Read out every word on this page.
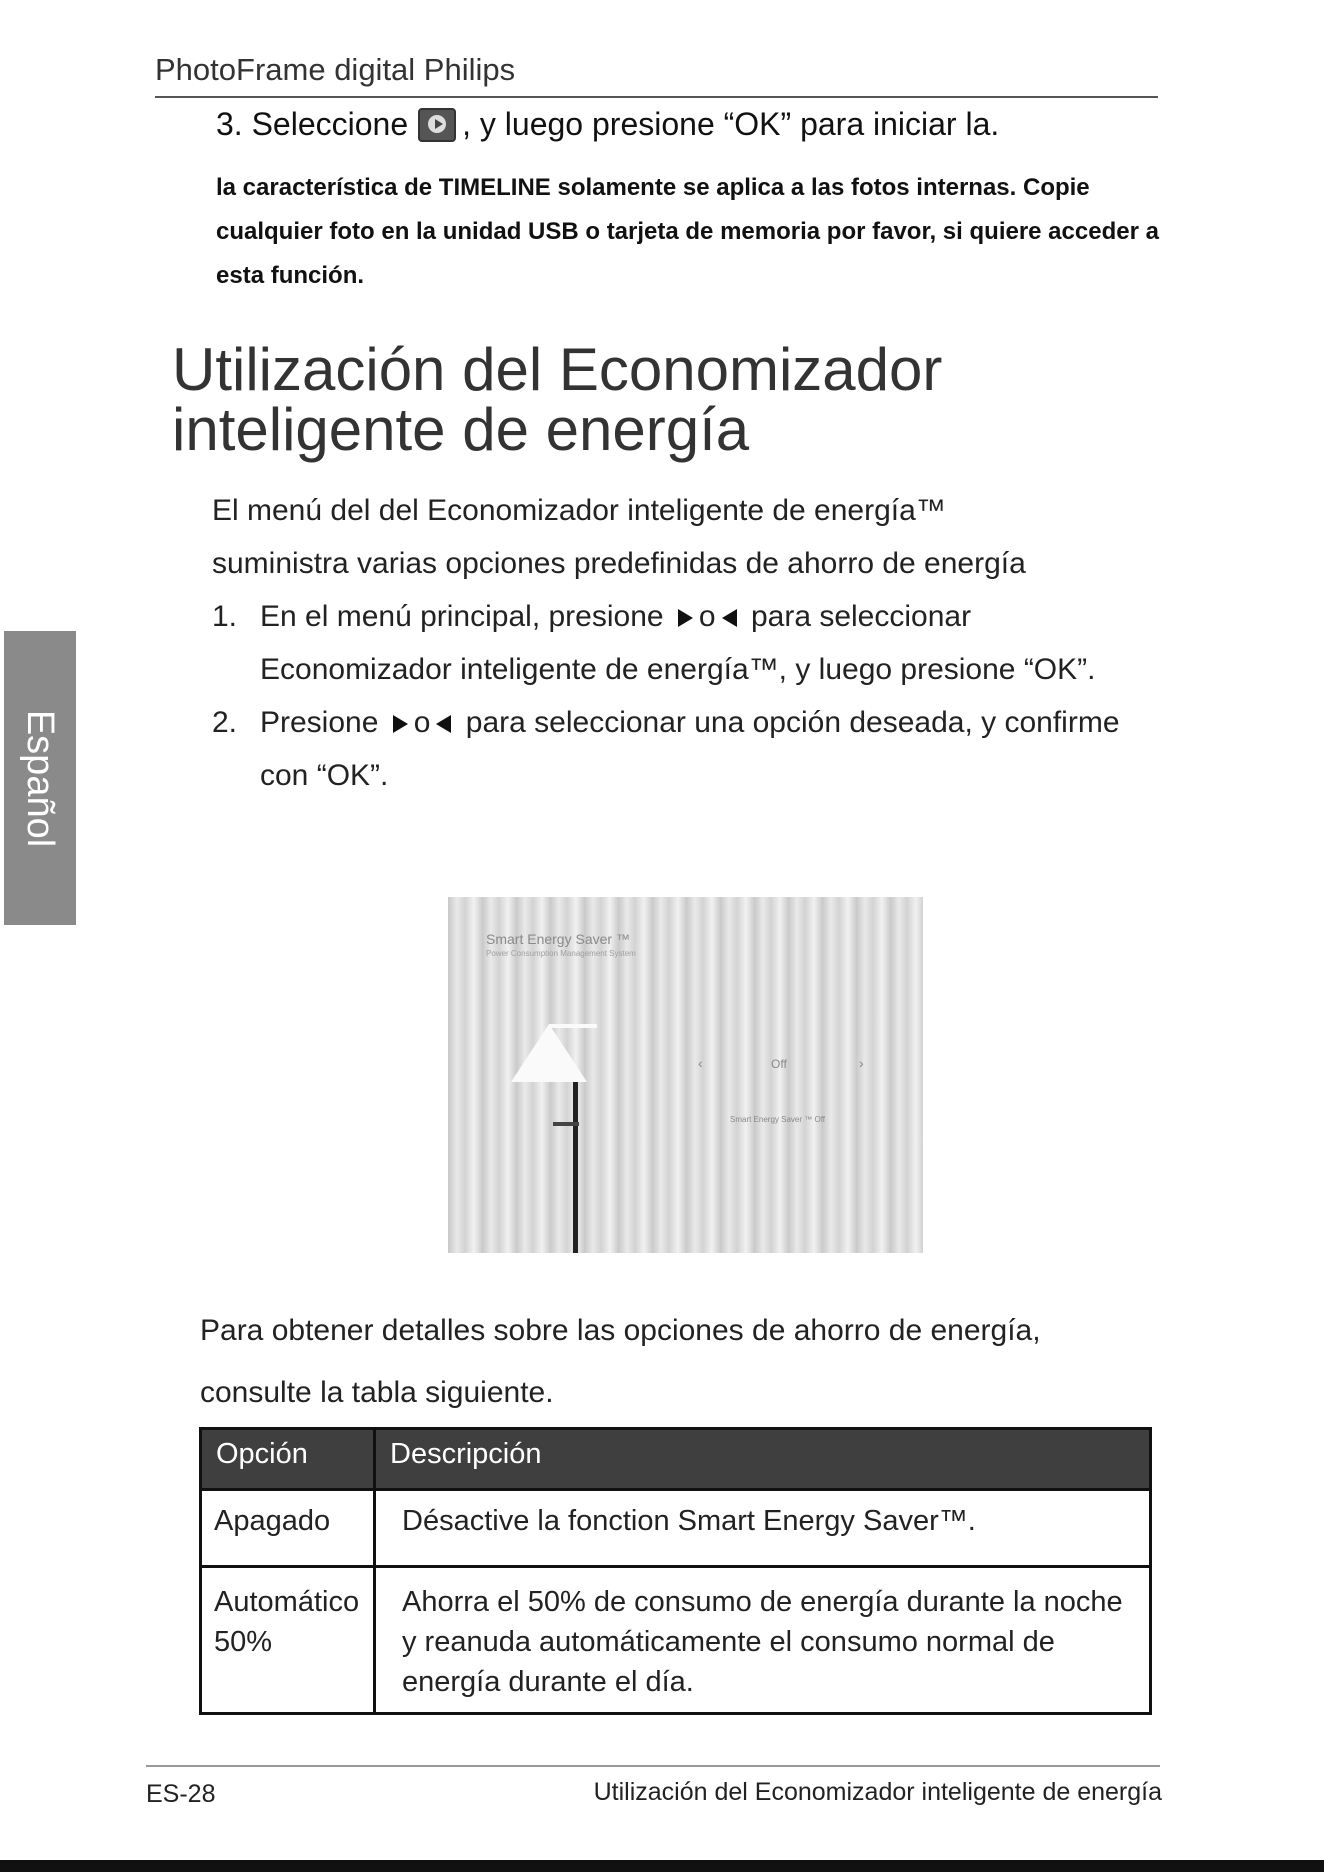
PhotoFrame digital Philips
3.
Seleccione , y luego presione “OK” para iniciar la.
la característica de TIMELINE solamente se aplica a las fotos internas. Copie cualquier foto en la unidad USB o tarjeta de memoria por favor, si quiere acceder a esta función.
Utilización del Economizador
inteligente de energía
El menú del del Economizador inteligente de energía™
suministra varias opciones predefinidas de ahorro de energía
1. En el menú principal, presione o para seleccionar Economizador inteligente de energía™, y luego presione “OK”.
2. Presione o para seleccionar una opción deseada, y confirme con “OK”.
Español
Smart Energy Saver ™
Power Consumption Management System
‹	Off	›
Smart Energy Saver ™ Off
Para obtener detalles sobre las opciones de ahorro de energía,
consulte la tabla siguiente.
Opción	Descripción
Apagado	Désactive la fonction Smart Energy Saver™.
Automático
50%	Ahorra el 50% de consumo de energía durante la noche y reanuda automáticamente el consumo normal de energía durante el día.
ES-28	Utilización del Economizador inteligente de energía
